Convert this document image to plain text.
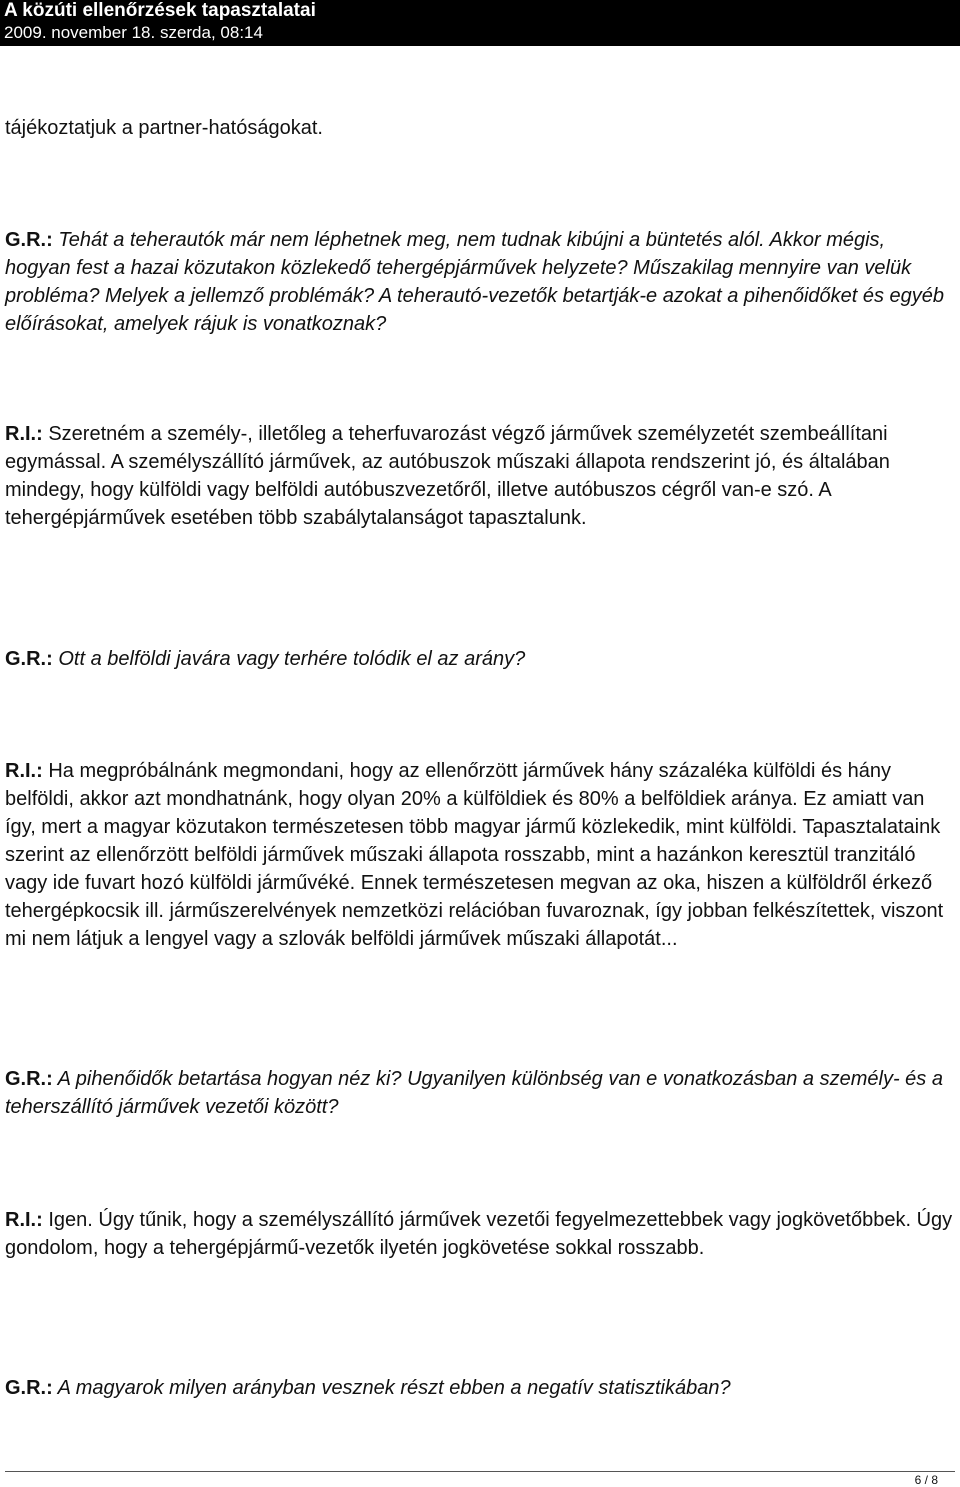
A közúti ellenőrzések tapasztalatai
2009. november 18. szerda, 08:14

tájékoztatjuk a partner-hatóságokat.

G.R.: Tehát a teherautók már nem léphetnek meg, nem tudnak kibújni a büntetés alól. Akkor mégis, hogyan fest a hazai közutakon közlekedő tehergépjárművek helyzete? Műszakilag mennyire van velük probléma? Melyek a jellemző problémák? A teherautó-vezetők betartják-e azokat a pihenőidőket és egyéb előírásokat, amelyek rájuk is vonatkoznak?

R.I.: Szeretném a személy-, illetőleg a teherfuvarozást végző járművek személyzetét szembeállítani egymással. A személyszállító járművek, az autóbuszok műszaki állapota rendszerint jó, és általában mindegy, hogy külföldi vagy belföldi autóbuszvezetőről, illetve autóbuszos cégről van-e szó. A tehergépjárművek esetében több szabálytalanságot tapasztalunk.

G.R.: Ott a belföldi javára vagy terhére tolódik el az arány?

R.I.: Ha megpróbálnánk megmondani, hogy az ellenőrzött járművek hány százaléka külföldi és hány belföldi, akkor azt mondhatnánk, hogy olyan 20% a külföldiek és 80% a belföldiek aránya. Ez amiatt van így, mert a magyar közutakon természetesen több magyar jármű közlekedik, mint külföldi. Tapasztalataink szerint az ellenőrzött belföldi járművek műszaki állapota rosszabb, mint a hazánkon keresztül tranzitáló vagy ide fuvart hozó külföldi járművéké. Ennek természetesen megvan az oka, hiszen a külföldről érkező tehergépkocsik ill. járműszerelvények nemzetközi relációban fuvaroznak, így jobban felkészítettek, viszont mi nem látjuk a lengyel vagy a szlovák belföldi járművek műszaki állapotát...

G.R.: A pihenőidők betartása hogyan néz ki? Ugyanilyen különbség van e vonatkozásban a személy- és a teherszállító járművek vezetői között?

R.I.: Igen. Úgy tűnik, hogy a személyszállító járművek vezetői fegyelmezettebbek vagy jogkövetőbbek. Úgy gondolom, hogy a tehergépjármű-vezetők ilyetén jogkövetése sokkal rosszabb.

G.R.: A magyarok milyen arányban vesznek részt ebben a negatív statisztikában?

6 / 8
